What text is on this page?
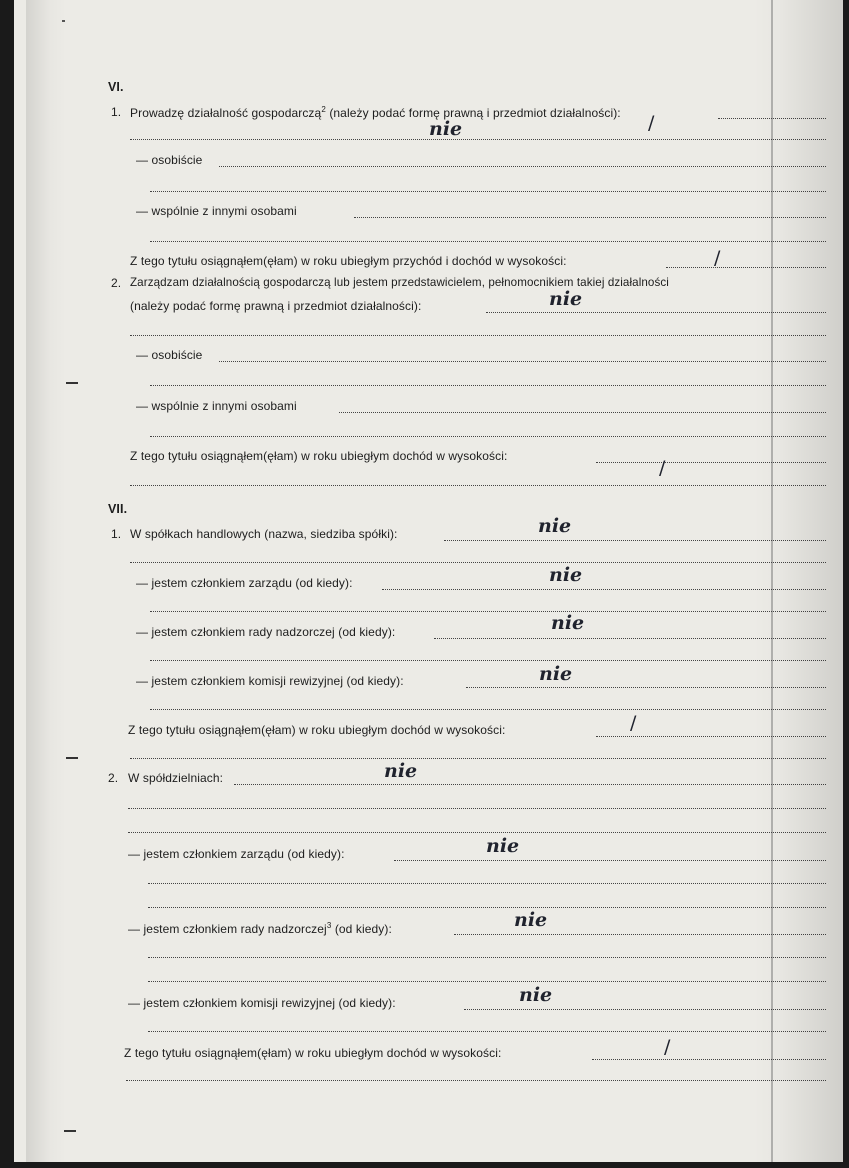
VI.
1. Prowadzę działalność gospodarczą$^2$ (należy podać formę prawną i przedmiot działalności):
nie	/
— osobiście
— wspólnie z innymi osobami
Z tego tytułu osiągnąłem(ęłam) w roku ubiegłym przychód i dochód w wysokości:	/
2. Zarządzam działalnością gospodarczą lub jestem przedstawicielem, pełnomocnikiem takiej działalności
(należy podać formę prawną i przedmiot działalności):	nie
— osobiście
— wspólnie z innymi osobami
Z tego tytułu osiągnąłem(ęłam) w roku ubiegłym dochód w wysokości:
/
VII.
1. W spółkach handlowych (nazwa, siedziba spółki):	nie
— jestem członkiem zarządu (od kiedy):	nie
— jestem członkiem rady nadzorczej (od kiedy):	nie
— jestem członkiem komisji rewizyjnej (od kiedy):	nie
Z tego tytułu osiągnąłem(ęłam) w roku ubiegłym dochód w wysokości:	/
2. W spółdzielniach:	nie
— jestem członkiem zarządu (od kiedy):	nie
— jestem członkiem rady nadzorczej$^3$ (od kiedy):	nie
— jestem członkiem komisji rewizyjnej (od kiedy):	nie
Z tego tytułu osiągnąłem(ęłam) w roku ubiegłym dochód w wysokości:	/
